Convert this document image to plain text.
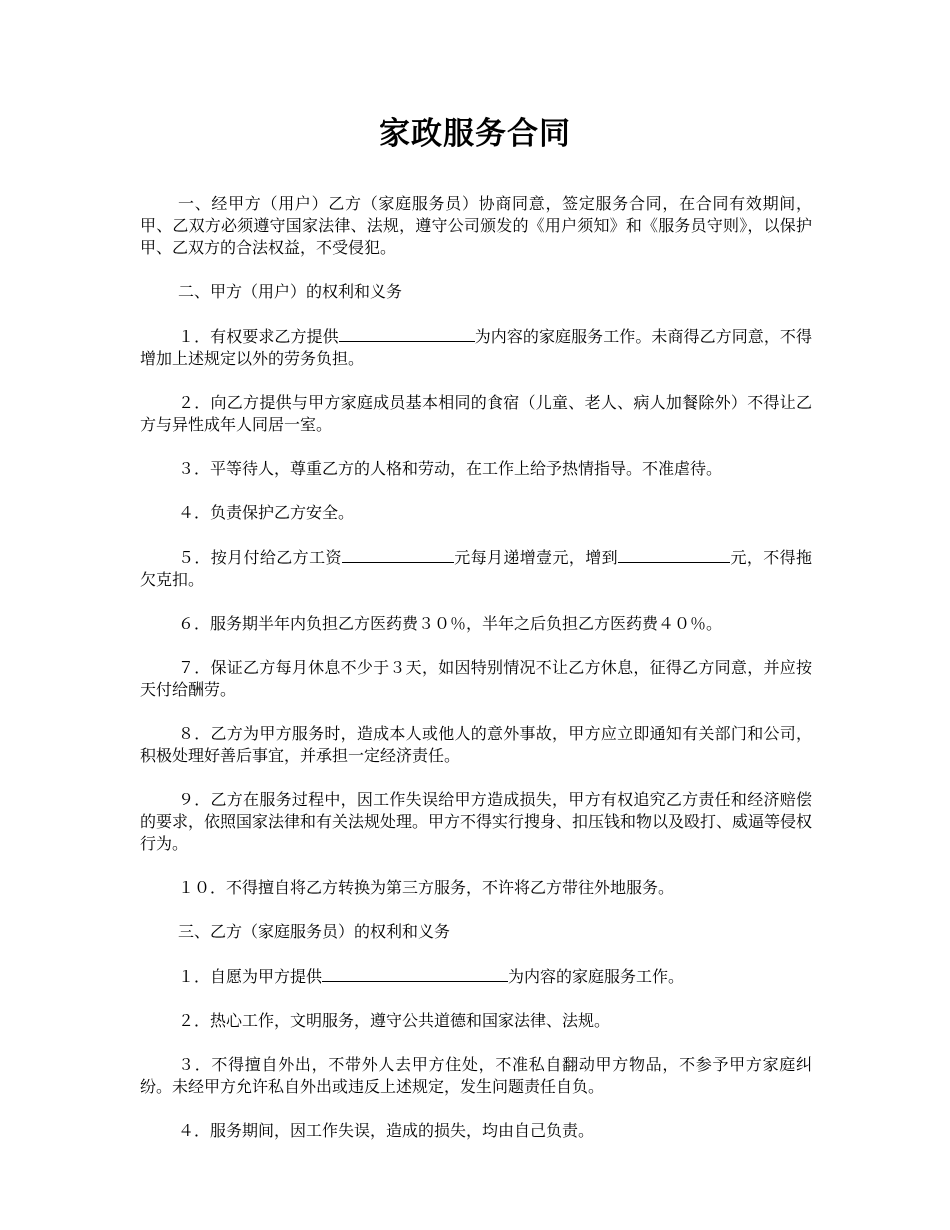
家政服务合同

一、经甲方（用户）乙方（家庭服务员）协商同意，签定服务合同，在合同有效期间，甲、乙双方必须遵守国家法律、法规，遵守公司颁发的《用户须知》和《服务员守则》，以保护甲、乙双方的合法权益，不受侵犯。

二、甲方（用户）的权利和义务

１．有权要求乙方提供	为内容的家庭服务工作。未商得乙方同意，不得增加上述规定以外的劳务负担。

２．向乙方提供与甲方家庭成员基本相同的食宿（儿童、老人、病人加餐除外）不得让乙方与异性成年人同居一室。

３．平等待人，尊重乙方的人格和劳动，在工作上给予热情指导。不准虐待。

４．负责保护乙方安全。

５．按月付给乙方工资	元每月递增壹元，增到	元，不得拖欠克扣。

６．服务期半年内负担乙方医药费３０％，半年之后负担乙方医药费４０％。

７．保证乙方每月休息不少于３天，如因特别情况不让乙方休息，征得乙方同意，并应按天付给酬劳。

８．乙方为甲方服务时，造成本人或他人的意外事故，甲方应立即通知有关部门和公司，积极处理好善后事宜，并承担一定经济责任。

９．乙方在服务过程中，因工作失误给甲方造成损失，甲方有权追究乙方责任和经济赔偿的要求，依照国家法律和有关法规处理。甲方不得实行搜身、扣压钱和物以及殴打、威逼等侵权行为。

１０．不得擅自将乙方转换为第三方服务，不许将乙方带往外地服务。

三、乙方（家庭服务员）的权利和义务

１．自愿为甲方提供	为内容的家庭服务工作。

２．热心工作，文明服务，遵守公共道德和国家法律、法规。

３．不得擅自外出，不带外人去甲方住处，不准私自翻动甲方物品，不参予甲方家庭纠纷。未经甲方允许私自外出或违反上述规定，发生问题责任自负。

４．服务期间，因工作失误，造成的损失，均由自己负责。
